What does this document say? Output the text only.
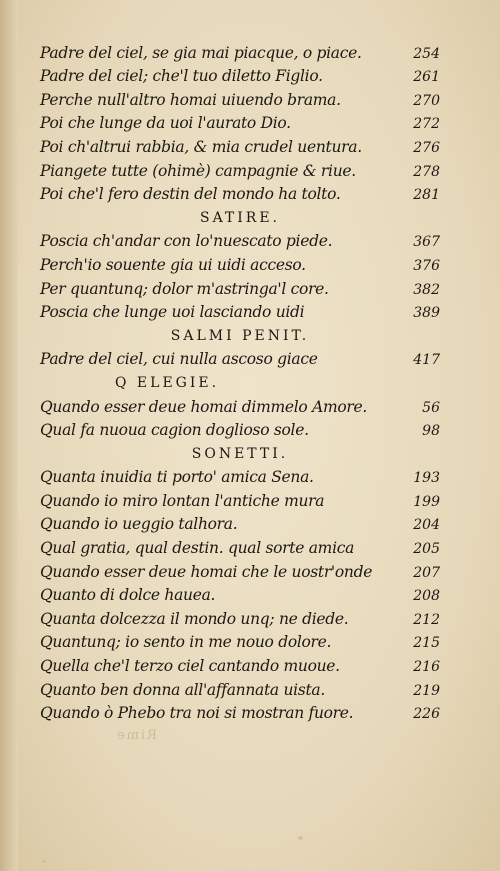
Padre del ciel, se gia mai piacque, o piace.	254
Padre del ciel; che'l tuo diletto Figlio.	261
Perche null'altro homai uiuendo brama.	270
Poi che lunge da uoi l'aurato Dio.	272
Poi ch'altrui rabbia, & mia crudel uentura.	276
Piangete tutte (ohimè) campagnie & riue.	278
Poi che'l fero destin del mondo ha tolto.	281
SATIRE.
Poscia ch'andar con lo'nuescato piede.	367
Perch'io souente gia ui uidi acceso.	376
Per quantunq; dolor m'astringa'l core.	382
Poscia che lunge uoi lasciando uidi	389
SALMI PENIT.
Padre del ciel, cui nulla ascoso giace	417
Q ELEGIE.
Quando esser deue homai dimmelo Amore.	56
Qual fa nuoua cagion doglioso sole.	98
SONETTI.
Quanta inuidia ti porto' amica Sena.	193
Quando io miro lontan l'antiche mura	199
Quando io ueggio talhora.	204
Qual gratia, qual destin. qual sorte amica	205
Quando esser deue homai che le uostr'onde	207
Quanto di dolce hauea.	208
Quanta dolcezza il mondo unq; ne diede.	212
Quantunq; io sento in me nouo dolore.	215
Quella che'l terzo ciel cantando muoue.	216
Quanto ben donna all'affannata uista.	219
Quando ò Phebo tra noi si mostran fuore.	226
Rime
